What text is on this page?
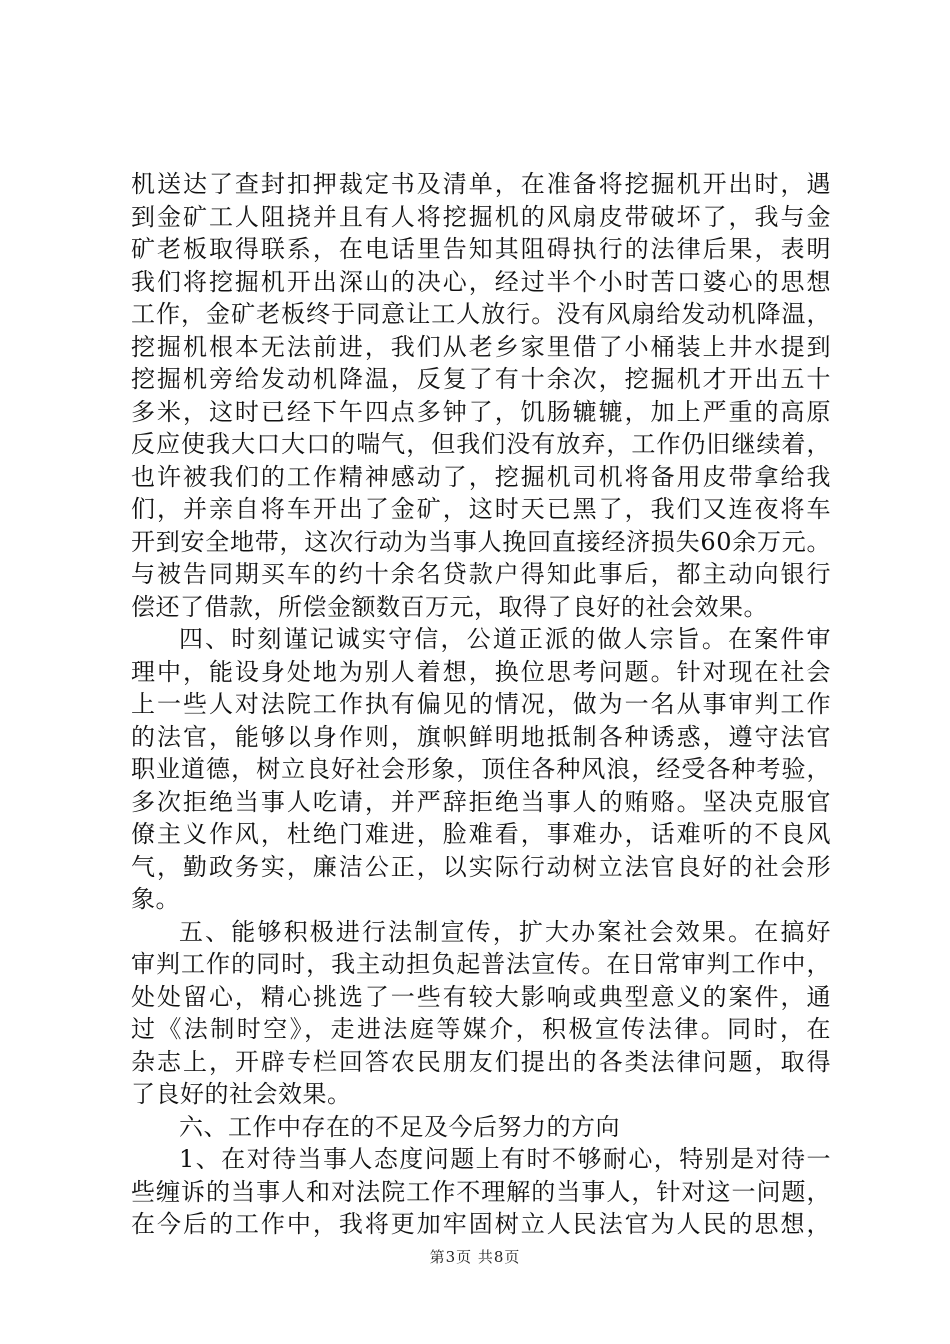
机送达了查封扣押裁定书及清单，在准备将挖掘机开出时，遇
到金矿工人阻挠并且有人将挖掘机的风扇皮带破坏了，我与金
矿老板取得联系，在电话里告知其阻碍执行的法律后果，表明
我们将挖掘机开出深山的决心，经过半个小时苦口婆心的思想
工作，金矿老板终于同意让工人放行。没有风扇给发动机降温，
挖掘机根本无法前进，我们从老乡家里借了小桶装上井水提到
挖掘机旁给发动机降温，反复了有十余次，挖掘机才开出五十
多米，这时已经下午四点多钟了，饥肠辘辘，加上严重的高原
反应使我大口大口的喘气，但我们没有放弃，工作仍旧继续着，
也许被我们的工作精神感动了，挖掘机司机将备用皮带拿给我
们，并亲自将车开出了金矿，这时天已黑了，我们又连夜将车
开到安全地带，这次行动为当事人挽回直接经济损失60余万元。
与被告同期买车的约十余名贷款户得知此事后，都主动向银行
偿还了借款，所偿金额数百万元，取得了良好的社会效果。
四、时刻谨记诚实守信，公道正派的做人宗旨。在案件审
理中，能设身处地为别人着想，换位思考问题。针对现在社会
上一些人对法院工作执有偏见的情况，做为一名从事审判工作
的法官，能够以身作则，旗帜鲜明地抵制各种诱惑，遵守法官
职业道德，树立良好社会形象，顶住各种风浪，经受各种考验，
多次拒绝当事人吃请，并严辞拒绝当事人的贿赂。坚决克服官
僚主义作风，杜绝门难进，脸难看，事难办，话难听的不良风
气，勤政务实，廉洁公正，以实际行动树立法官良好的社会形
象。
五、能够积极进行法制宣传，扩大办案社会效果。在搞好
审判工作的同时，我主动担负起普法宣传。在日常审判工作中，
处处留心，精心挑选了一些有较大影响或典型意义的案件，通
过《法制时空》，走进法庭等媒介，积极宣传法律。同时，在
杂志上，开辟专栏回答农民朋友们提出的各类法律问题，取得
了良好的社会效果。
六、工作中存在的不足及今后努力的方向
1、在对待当事人态度问题上有时不够耐心，特别是对待一
些缠诉的当事人和对法院工作不理解的当事人，针对这一问题，
在今后的工作中，我将更加牢固树立人民法官为人民的思想，
第3页 共8页
